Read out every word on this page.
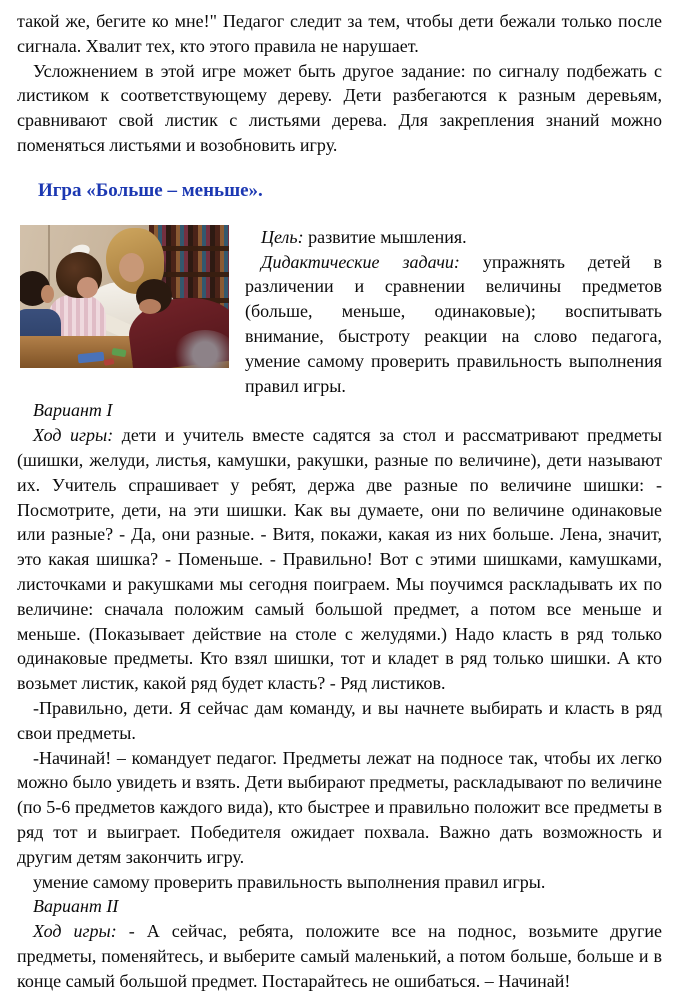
такой же, бегите ко мне!" Педагог следит за тем, чтобы дети бежали только после сигнала. Хвалит тех, кто этого правила не нарушает.

Усложнением в этой игре может быть другое задание: по сигналу подбежать с листиком к соответствующему дереву. Дети разбегаются к разным деревьям, сравнивают свой листик с листьями дерева. Для закрепления знаний можно поменяться листьями и возобновить игру.

Игра «Больше – меньше».

Цель: развитие мышления.

Дидактические задачи: упражнять детей в различении и сравнении величины предметов (больше, меньше, одинаковые); воспитывать внимание, быстроту реакции на слово педагога, умение самому проверить правильность выполнения правил игры.

Вариант I

Ход игры: дети и учитель вместе садятся за стол и рассматривают предметы (шишки, желуди, листья, камушки, ракушки, разные по величине), дети называют их. Учитель спрашивает у ребят, держа две разные по величине шишки: - Посмотрите, дети, на эти шишки. Как вы думаете, они по величине одинаковые или разные? - Да, они разные. - Витя, покажи, какая из них больше. Лена, значит, это какая шишка? - Поменьше. - Правильно! Вот с этими шишками, камушками, листочками и ракушками мы сегодня поиграем. Мы поучимся раскладывать их по величине: сначала положим самый большой предмет, а потом все меньше и меньше. (Показывает действие на столе с желудями.) Надо класть в ряд только одинаковые предметы. Кто взял шишки, тот и кладет в ряд только шишки. А кто возьмет листик, какой ряд будет класть? - Ряд листиков.

-Правильно, дети. Я сейчас дам команду, и вы начнете выбирать и класть в ряд свои предметы.

-Начинай! – командует педагог. Предметы лежат на подносе так, чтобы их легко можно было увидеть и взять. Дети выбирают предметы, раскладывают по величине (по 5-6 предметов каждого вида), кто быстрее и правильно положит все предметы в ряд тот и выиграет. Победителя ожидает похвала. Важно дать возможность и другим детям закончить игру.

умение самому проверить правильность выполнения правил игры.

Вариант II

Ход игры: - А сейчас, ребята, положите все на поднос, возьмите другие предметы, поменяйтесь, и выберите самый маленький, а потом больше, больше и в конце самый большой предмет. Постарайтесь не ошибаться. – Начинай!
